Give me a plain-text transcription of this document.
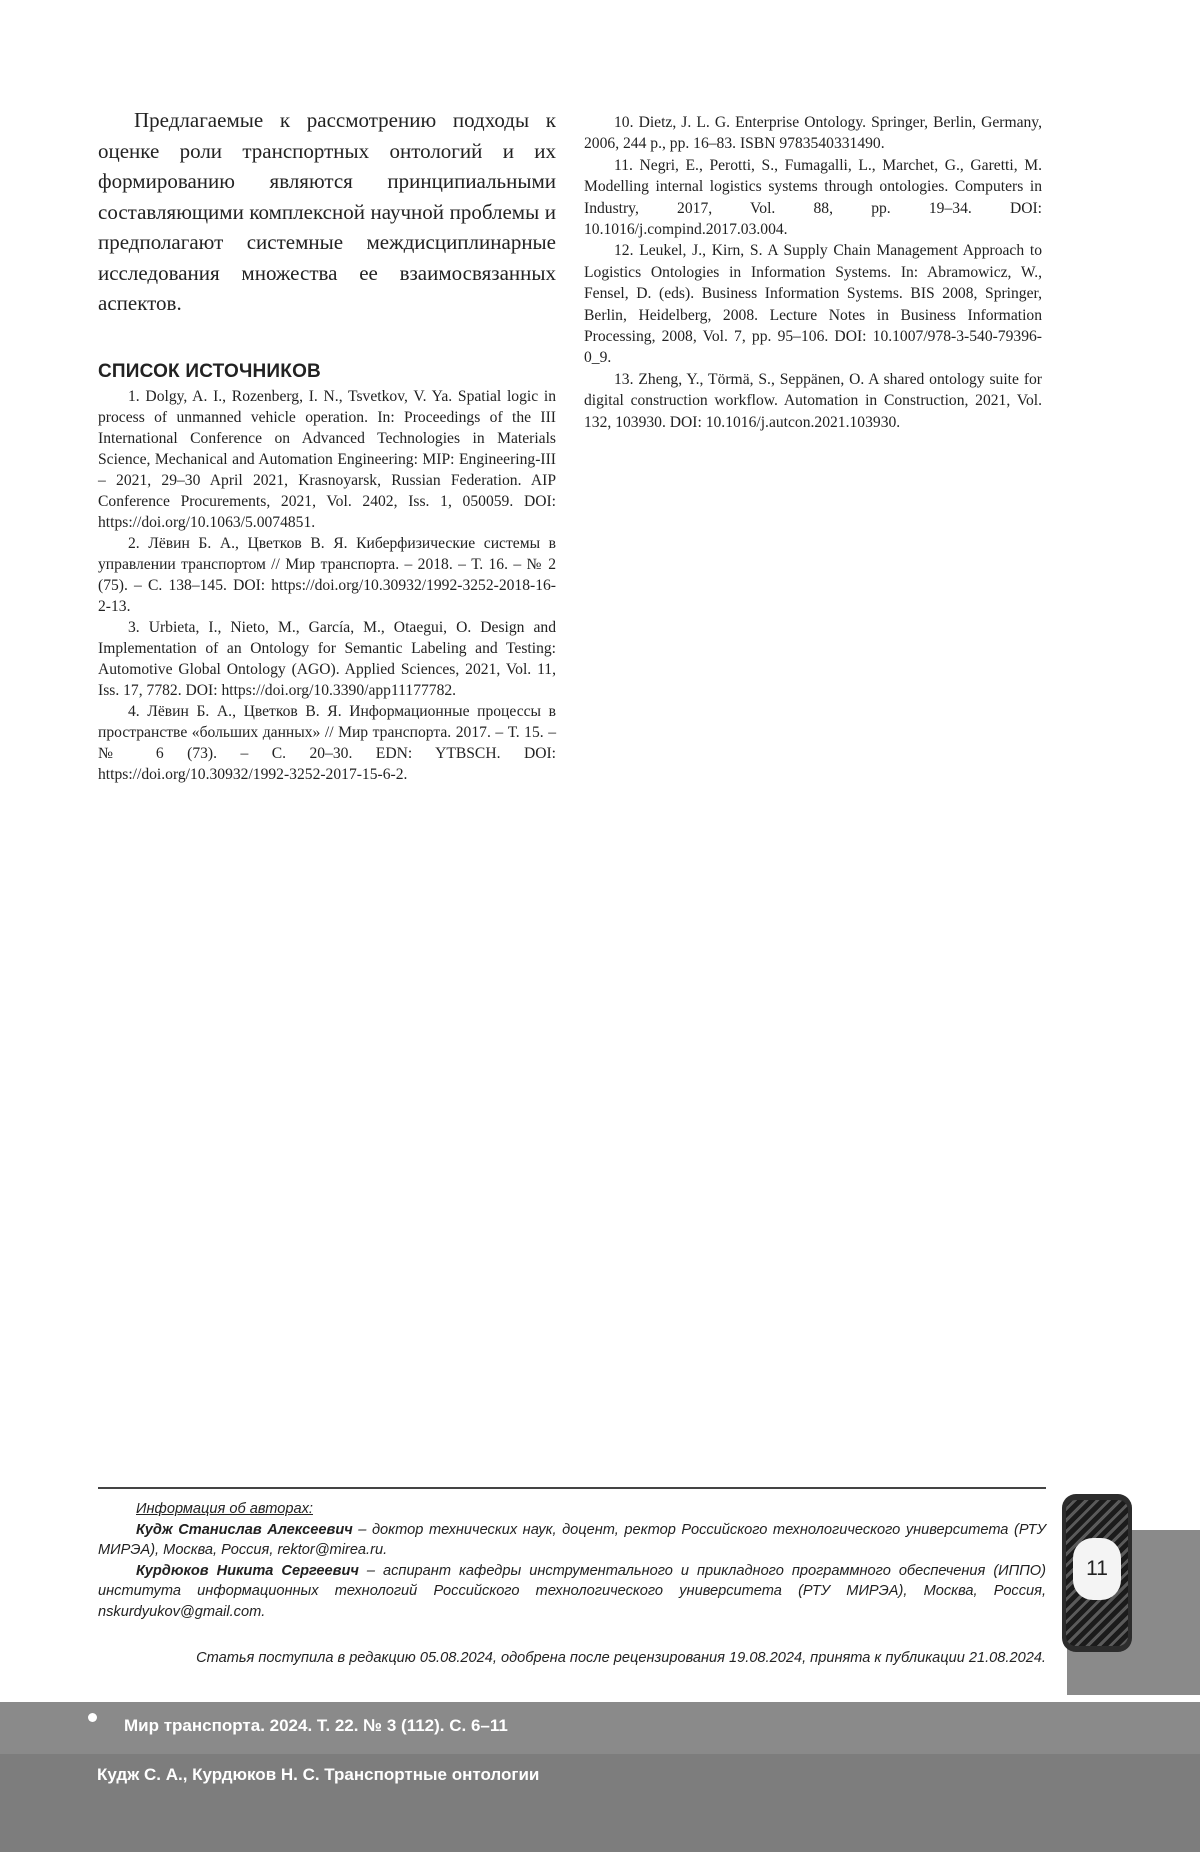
Предлагаемые к рассмотрению подходы к оценке роли транспортных онтологий и их формированию являются принципиальными составляющими комплексной научной проблемы и предполагают системные междисциплинарные исследования множества ее взаимосвязанных аспектов.

СПИСОК ИСТОЧНИКОВ

1. Dolgy, A. I., Rozenberg, I. N., Tsvetkov, V. Ya. Spatial logic in process of unmanned vehicle operation. In: Proceedings of the III International Conference on Advanced Technologies in Materials Science, Mechanical and Automation Engineering: MIP: Engineering-III – 2021, 29–30 April 2021, Krasnoyarsk, Russian Federation. AIP Conference Procurements, 2021, Vol. 2402, Iss. 1, 050059. DOI: https://doi.org/10.1063/5.0074851.

2. Лёвин Б. А., Цветков В. Я. Киберфизические системы в управлении транспортом // Мир транспорта. – 2018. – Т. 16. – № 2 (75). – С. 138–145. DOI: https://doi.org/10.30932/1992-3252-2018-16-2-13.

3. Urbieta, I., Nieto, M., García, M., Otaegui, O. Design and Implementation of an Ontology for Semantic Labeling and Testing: Automotive Global Ontology (AGO). Applied Sciences, 2021, Vol. 11, Iss. 17, 7782. DOI: https://doi.org/10.3390/app11177782.

4. Лёвин Б. А., Цветков В. Я. Информационные процессы в пространстве «больших данных» // Мир транспорта. 2017. – Т. 15. – № 6 (73). – С. 20–30. EDN: YTBSCH. DOI: https://doi.org/10.30932/1992-3252-2017-15-6-2.

10. Dietz, J. L. G. Enterprise Ontology. Springer, Berlin, Germany, 2006, 244 p., pp. 16–83. ISBN 9783540331490.

11. Negri, E., Perotti, S., Fumagalli, L., Marchet, G., Garetti, M. Modelling internal logistics systems through ontologies. Computers in Industry, 2017, Vol. 88, pp. 19–34. DOI: 10.1016/j.compind.2017.03.004.

12. Leukel, J., Kirn, S. A Supply Chain Management Approach to Logistics Ontologies in Information Systems. In: Abramowicz, W., Fensel, D. (eds). Business Information Systems. BIS 2008, Springer, Berlin, Heidelberg, 2008. Lecture Notes in Business Information Processing, 2008, Vol. 7, pp. 95–106. DOI: 10.1007/978-3-540-79396-0_9.

13. Zheng, Y., Törmä, S., Seppänen, O. A shared ontology suite for digital construction workflow. Automation in Construction, 2021, Vol. 132, 103930. DOI: 10.1016/j.autcon.2021.103930.

Информация об авторах:

Кудж Станислав Алексеевич – доктор технических наук, доцент, ректор Российского технологического университета (РТУ МИРЭА), Москва, Россия, rektor@mirea.ru.

Курдюков Никита Сергеевич – аспирант кафедры инструментального и прикладного программного обеспечения (ИППО) института информационных технологий Российского технологического университета (РТУ МИРЭА), Москва, Россия, nskurdyukov@gmail.com.

Статья поступила в редакцию 05.08.2024, одобрена после рецензирования 19.08.2024, принята к публикации 21.08.2024.
11
Мир транспорта. 2024. Т. 22. № 3 (112). С. 6–11
Кудж С. А., Курдюков Н. С. Транспортные онтологии
